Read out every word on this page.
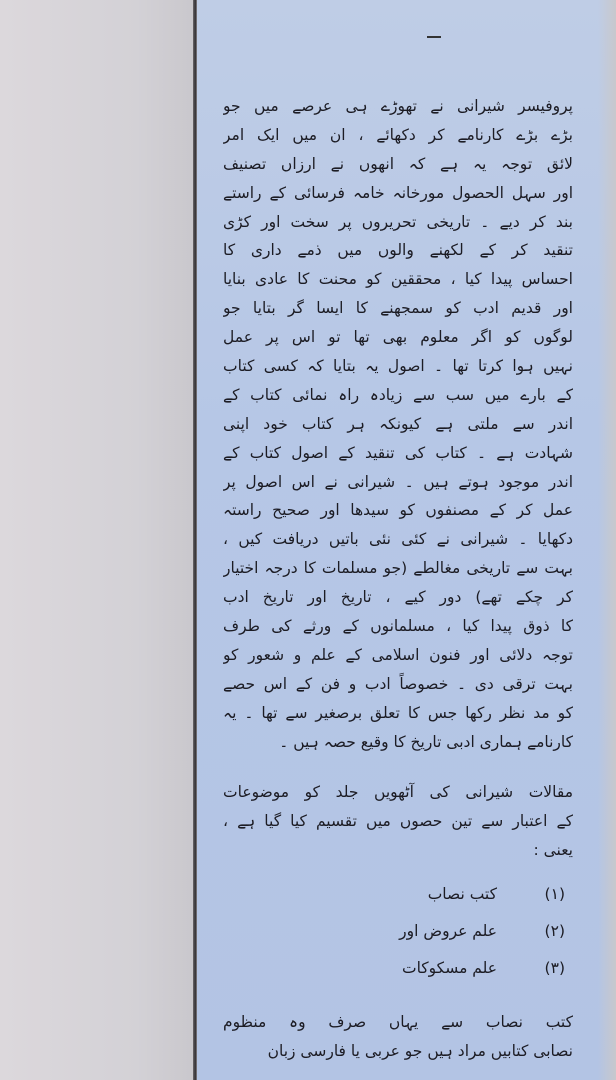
پروفیسر شیرانی نے تھوڑے ہی عرصے میں جو
بڑے بڑے کارنامے کر دکھائے ، ان میں ایک امر
لائق توجہ یہ ہے کہ انھوں نے ارزاں تصنیف
اور سہل الحصول مورخانہ خامہ فرسائی کے راستے
بند کر دیے ۔ تاریخی تحریروں پر سخت اور کڑی
تنقید کر کے لکھنے والوں میں ذمے داری کا
احساس پیدا کیا ، محققین کو محنت کا عادی بنایا
اور قدیم ادب کو سمجھنے کا ایسا گر بتایا جو
لوگوں کو اگر معلوم بھی تھا تو اس پر عمل
نہیں ہوا کرتا تھا ۔ اصول یہ بتایا کہ کسی کتاب
کے بارے میں سب سے زیادہ راہ نمائی کتاب کے
اندر سے ملتی ہے کیونکہ ہر کتاب خود اپنی
شہادت ہے ۔ کتاب کی تنقید کے اصول کتاب کے
اندر موجود ہوتے ہیں ۔ شیرانی نے اس اصول پر
عمل کر کے مصنفوں کو سیدھا اور صحیح راستہ
دکھایا ۔ شیرانی نے کئی نئی باتیں دریافت کیں ،
بہت سے تاریخی مغالطے (جو مسلمات کا درجہ اختیار
کر چکے تھے) دور کیے ، تاریخ اور تاریخ ادب
کا ذوق پیدا کیا ، مسلمانوں کے ورثے کی طرف
توجہ دلائی اور فنون اسلامی کے علم و شعور کو
بہت ترقی دی ۔ خصوصاً ادب و فن کے اس حصے
کو مد نظر رکھا جس کا تعلق برصغیر سے تھا ۔ یہ
کارنامے ہماری ادبی تاریخ کا وقیع حصہ ہیں ۔
مقالات شیرانی کی آٹھویں جلد کو موضوعات
کے اعتبار سے تین حصوں میں تقسیم کیا گیا ہے ،
یعنی :
(۱)
کتب نصاب
(۲)
علم عروض اور
(۳)
علم مسکوکات
کتب نصاب سے یہاں صرف وہ منظوم
نصابی کتابیں مراد ہیں جو عربی یا فارسی زبان
